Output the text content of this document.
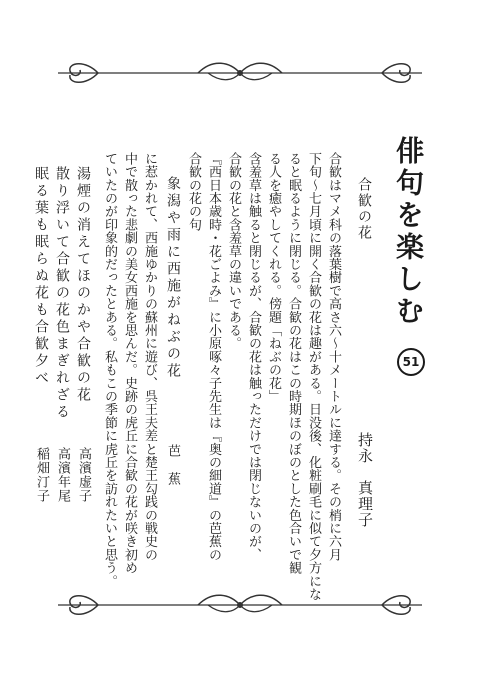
俳句を楽しむ
51
持永　真理子
合歓の花
合歓はマメ科の落葉樹で高さ六〜十メートルに達する。その梢に六月
下旬〜七月頃に開く合歓の花は趣がある。日没後、化粧刷毛に似て夕方にな
ると眠るように閉じる。合歓の花はこの時期ほのぼのとした色合いで観
る人を癒やしてくれる。傍題「ねぶの花」
含羞草は触ると閉じるが、合歓の花は触っただけでは閉じないのが、
合歓の花と含羞草の違いである。
『西日本歳時・花ごよみ』に小原啄々子先生は『奥の細道』の芭蕉の
合歓の花の句
象潟や雨に西施がねぶの花
芭　蕉
に惹かれて、西施ゆかりの蘇州に遊び、呉王夫差と楚王勾践の戦史の
中で散った悲劇の美女西施を思んだ。史跡の虎丘に合歓の花が咲き初め
ていたのが印象的だったとある。私もこの季節に虎丘を訪れたいと思う。
湯煙の消えてほのかや合歓の花
高濱虚子
散り浮いて合歓の花色まぎれざる
高濱年尾
眠る葉も眠らぬ花も合歓夕べ
稲畑汀子
